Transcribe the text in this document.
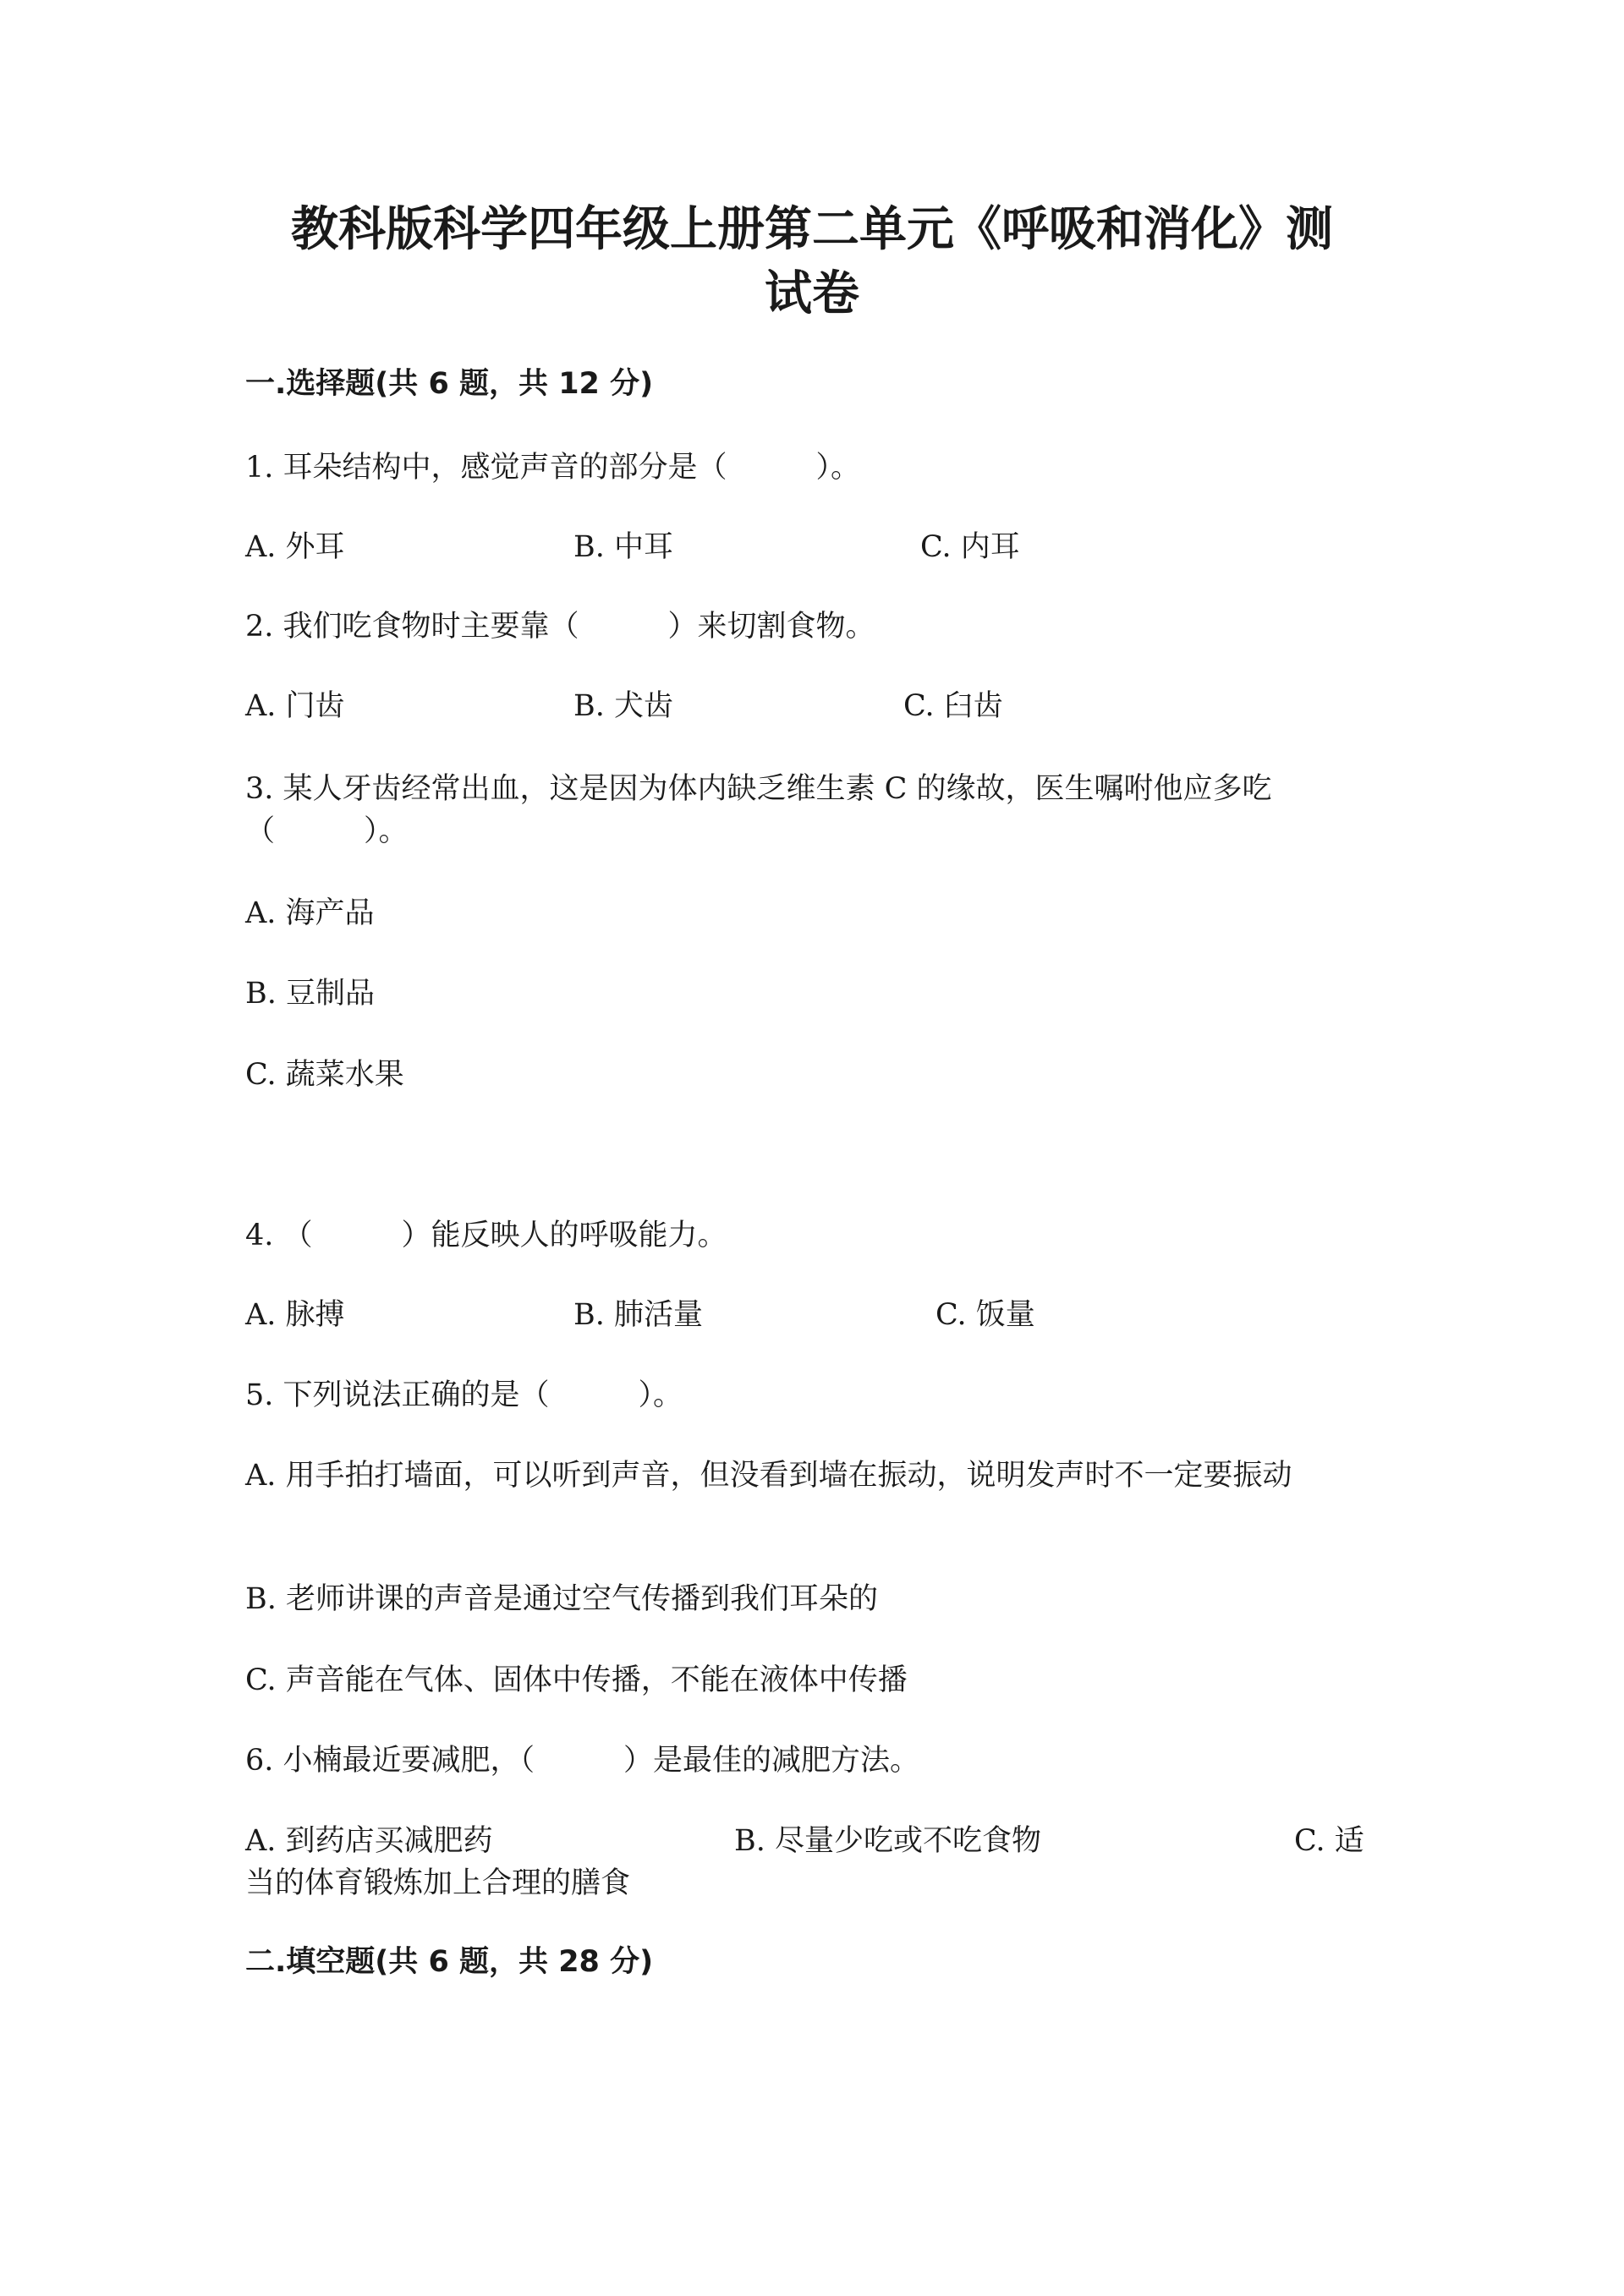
教科版科学四年级上册第二单元《呼吸和消化》测
试卷
一.选择题(共 6 题，共 12 分)
1. 耳朵结构中，感觉声音的部分是（　　　）。
A. 外耳	B. 中耳	C. 内耳
2. 我们吃食物时主要靠（　　　）来切割食物。
A. 门齿	B. 犬齿	C. 臼齿
3. 某人牙齿经常出血，这是因为体内缺乏维生素 C 的缘故，医生嘱咐他应多吃
（　　　）。
A. 海产品
B. 豆制品
C. 蔬菜水果
4. （　　　）能反映人的呼吸能力。
A. 脉搏	B. 肺活量	C. 饭量
5. 下列说法正确的是（　　　）。
A. 用手拍打墙面，可以听到声音，但没看到墙在振动，说明发声时不一定要振动
B. 老师讲课的声音是通过空气传播到我们耳朵的
C. 声音能在气体、固体中传播，不能在液体中传播
6. 小楠最近要减肥，（　　　）是最佳的减肥方法。
A. 到药店买减肥药	B. 尽量少吃或不吃食物	C. 适
当的体育锻炼加上合理的膳食
二.填空题(共 6 题，共 28 分)
